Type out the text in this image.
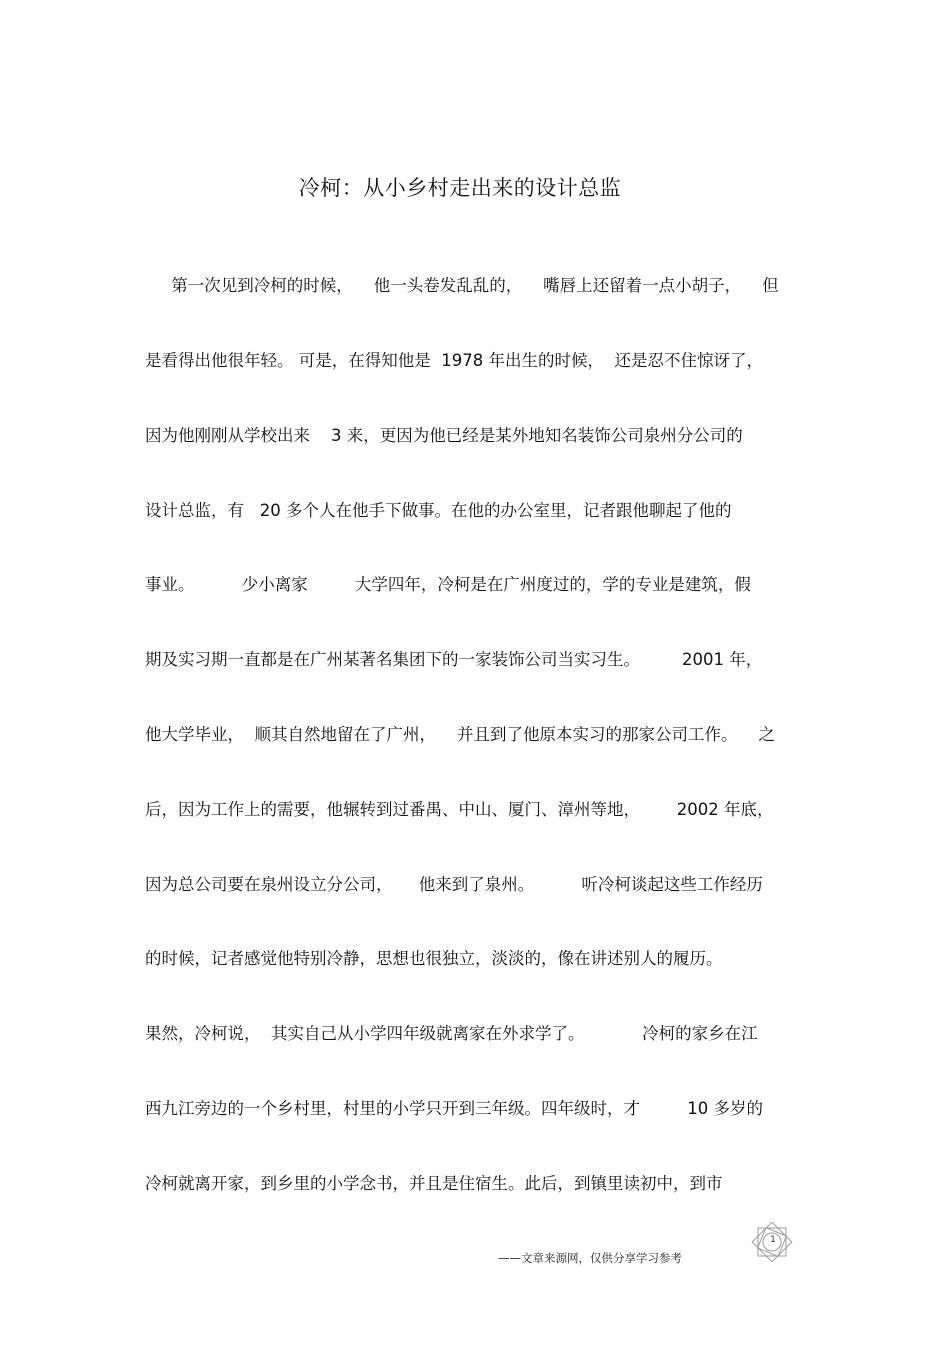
冷柯：从小乡村走出来的设计总监
第一次见到冷柯的时候，    他一头卷发乱乱的，    嘴唇上还留着一点小胡子，    但
是看得出他很年轻。 可是，在得知他是  1978 年出生的时候，  还是忍不住惊讶了，
因为他刚刚从学校出来    3 来，更因为他已经是某外地知名装饰公司泉州分公司的
设计总监，有   20 多个人在他手下做事。在他的办公室里，记者跟他聊起了他的
事业。         少小离家         大学四年，冷柯是在广州度过的，学的专业是建筑，假
期及实习期一直都是在广州某著名集团下的一家装饰公司当实习生。        2001 年，
他大学毕业，  顺其自然地留在了广州，    并且到了他原本实习的那家公司工作。    之
后，因为工作上的需要，他辗转到过番禺、中山、厦门、漳州等地，       2002 年底，
因为总公司要在泉州设立分公司，     他来到了泉州。         听冷柯谈起这些工作经历
的时候，记者感觉他特别冷静，思想也很独立，淡淡的，像在讲述别人的履历。
果然，冷柯说，  其实自己从小学四年级就离家在外求学了。           冷柯的家乡在江
西九江旁边的一个乡村里，村里的小学只开到三年级。四年级时，才         10 多岁的
冷柯就离开家，到乡里的小学念书，并且是住宿生。此后，到镇里读初中，到市
1
——文章来源网，仅供分享学习参考
